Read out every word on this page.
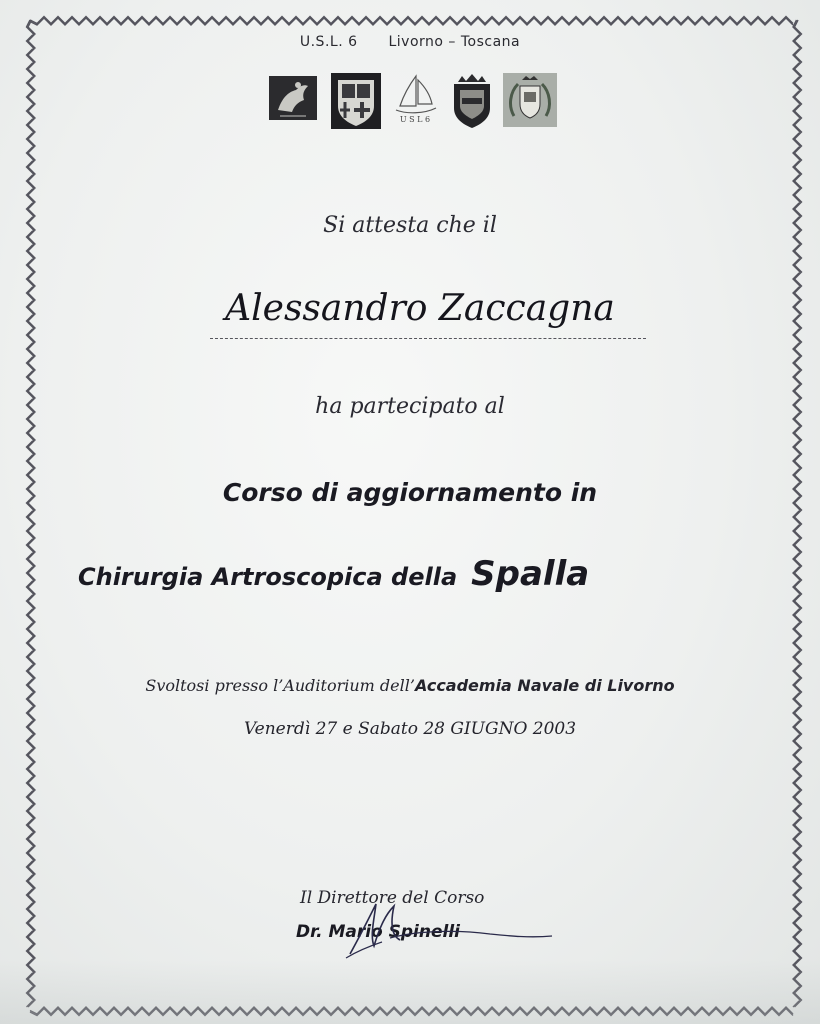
U.S.L. 6 Livorno – Toscana
U S L 6
Si attesta che il
Alessandro Zaccagna
ha partecipato al
Corso di aggiornamento in
Chirurgia Artroscopica della Spalla
Svoltosi presso l’Auditorium dell’Accademia Navale di Livorno
Venerdì 27 e Sabato 28 GIUGNO 2003
Il Direttore del Corso
Dr. Mario Spinelli
